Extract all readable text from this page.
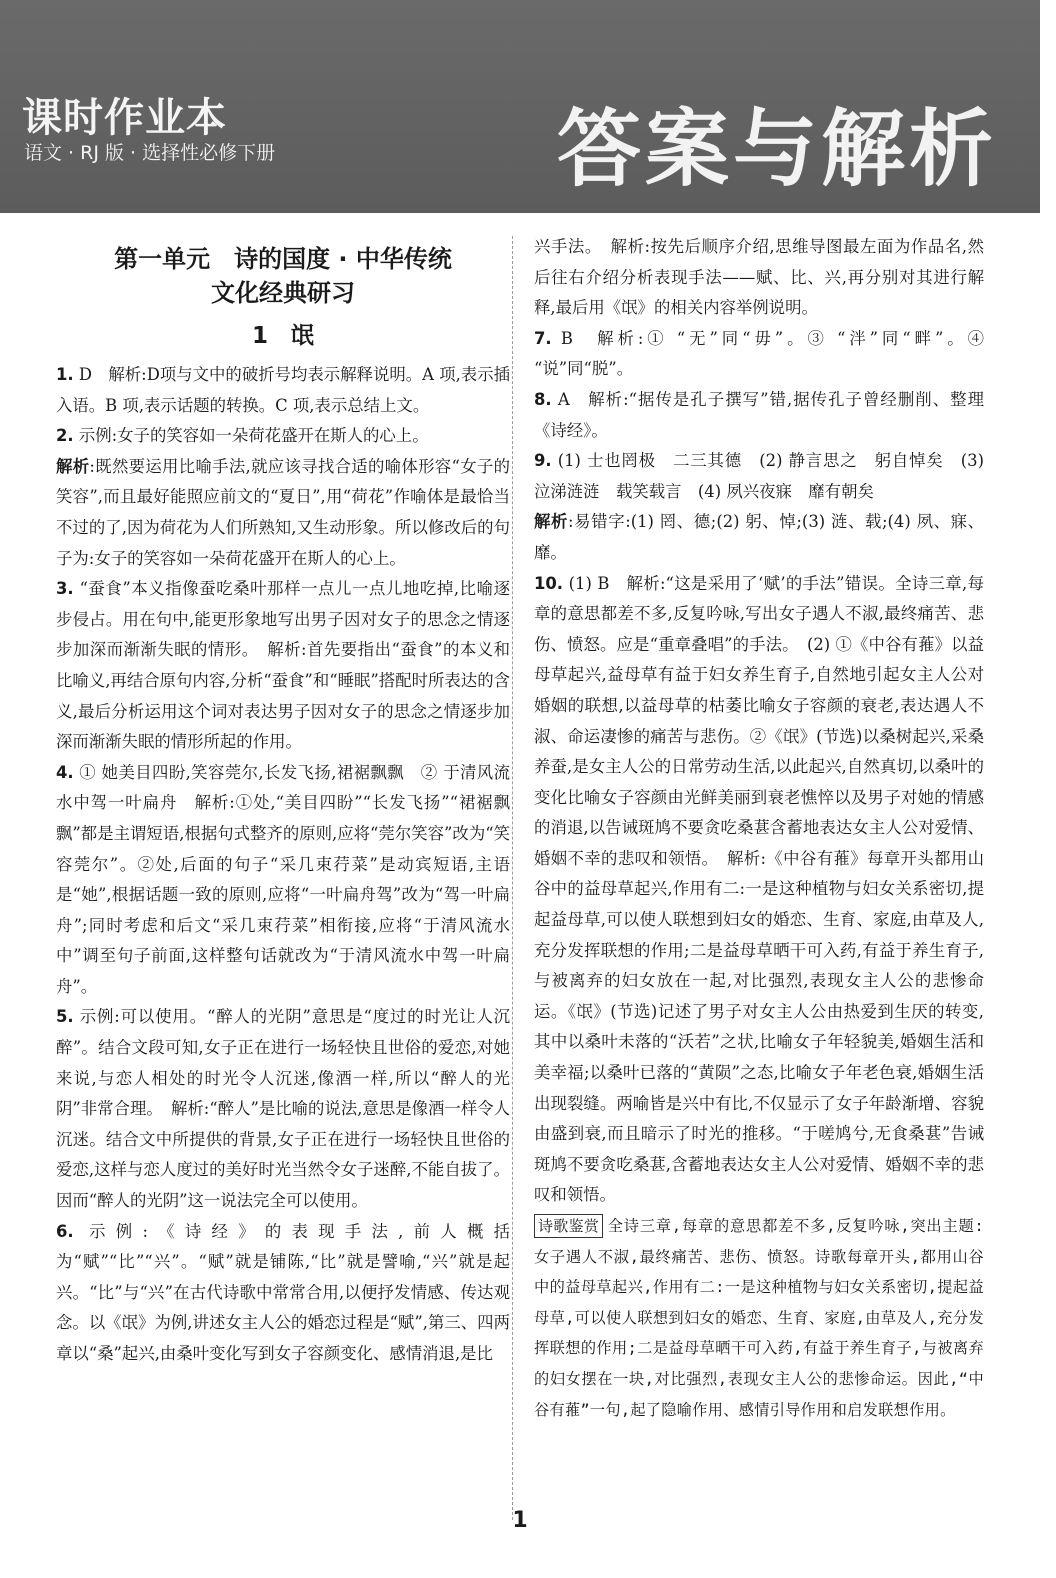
课时作业本
语文 · RJ 版 · 选择性必修下册	答案与解析
第一单元　诗的国度 · 中华传统
文化经典研习
1　氓

1. D　解析:D项与文中的破折号均表示解释说明。A 项,表示插入语。B 项,表示话题的转换。C 项,表示总结上文。

2. 示例:女子的笑容如一朵荷花盛开在斯人的心上。

解析:既然要运用比喻手法,就应该寻找合适的喻体形容“女子的笑容”,而且最好能照应前文的“夏日”,用“荷花”作喻体是最恰当不过的了,因为荷花为人们所熟知,又生动形象。所以修改后的句子为:女子的笑容如一朵荷花盛开在斯人的心上。

3. “蚕食”本义指像蚕吃桑叶那样一点儿一点儿地吃掉,比喻逐步侵占。用在句中,能更形象地写出男子因对女子的思念之情逐步加深而渐渐失眠的情形。　解析:首先要指出“蚕食”的本义和比喻义,再结合原句内容,分析“蚕食”和“睡眠”搭配时所表达的含义,最后分析运用这个词对表达男子因对女子的思念之情逐步加深而渐渐失眠的情形所起的作用。

4. ① 她美目四盼,笑容莞尔,长发飞扬,裙裾飘飘　② 于清风流水中驾一叶扁舟　解析:①处,“美目四盼”“长发飞扬”“裙裾飘飘”都是主谓短语,根据句式整齐的原则,应将“莞尔笑容”改为“笑容莞尔”。②处,后面的句子“采几束荇菜”是动宾短语,主语是“她”,根据话题一致的原则,应将“一叶扁舟驾”改为“驾一叶扁舟”;同时考虑和后文“采几束荇菜”相衔接,应将“于清风流水中”调至句子前面,这样整句话就改为“于清风流水中驾一叶扁舟”。

5. 示例:可以使用。“醉人的光阴”意思是“度过的时光让人沉醉”。结合文段可知,女子正在进行一场轻快且世俗的爱恋,对她来说,与恋人相处的时光令人沉迷,像酒一样,所以“醉人的光阴”非常合理。　解析:“醉人”是比喻的说法,意思是像酒一样令人沉迷。结合文中所提供的背景,女子正在进行一场轻快且世俗的爱恋,这样与恋人度过的美好时光当然令女子迷醉,不能自拔了。因而“醉人的光阴”这一说法完全可以使用。

6. 示例:《诗经》的表现手法,前人概括为“赋”“比”“兴”。“赋”就是铺陈,“比”就是譬喻,“兴”就是起兴。“比”与“兴”在古代诗歌中常常合用,以便抒发情感、传达观念。以《氓》为例,讲述女主人公的婚恋过程是“赋”,第三、四两章以“桑”起兴,由桑叶变化写到女子容颜变化、感情消退,是比

兴手法。　解析:按先后顺序介绍,思维导图最左面为作品名,然后往右介绍分析表现手法——赋、比、兴,再分别对其进行解释,最后用《氓》的相关内容举例说明。

7. B　解析:① “无”同“毋”。③ “泮”同“畔”。④ “说”同“脱”。

8. A　解析:“据传是孔子撰写”错,据传孔子曾经删削、整理《诗经》。

9. (1) 士也罔极　二三其德　(2) 静言思之　躬自悼矣　(3) 泣涕涟涟　载笑载言　(4) 夙兴夜寐　靡有朝矣

解析:易错字:(1) 罔、德;(2) 躬、悼;(3) 涟、载;(4) 夙、寐、靡。

10. (1) B　解析:“这是采用了‘赋’的手法”错误。全诗三章,每章的意思都差不多,反复吟咏,写出女子遇人不淑,最终痛苦、悲伤、愤怒。应是“重章叠唱”的手法。　(2) ①《中谷有蓷》以益母草起兴,益母草有益于妇女养生育子,自然地引起女主人公对婚姻的联想,以益母草的枯萎比喻女子容颜的衰老,表达遇人不淑、命运凄惨的痛苦与悲伤。②《氓》(节选)以桑树起兴,采桑养蚕,是女主人公的日常劳动生活,以此起兴,自然真切,以桑叶的变化比喻女子容颜由光鲜美丽到衰老憔悴以及男子对她的情感的消退,以告诫斑鸠不要贪吃桑葚含蓄地表达女主人公对爱情、婚姻不幸的悲叹和领悟。　解析:《中谷有蓷》每章开头都用山谷中的益母草起兴,作用有二:一是这种植物与妇女关系密切,提起益母草,可以使人联想到妇女的婚恋、生育、家庭,由草及人,充分发挥联想的作用;二是益母草晒干可入药,有益于养生育子,与被离弃的妇女放在一起,对比强烈,表现女主人公的悲惨命运。《氓》(节选)记述了男子对女主人公由热爱到生厌的转变,其中以桑叶未落的“沃若”之状,比喻女子年轻貌美,婚姻生活和美幸福;以桑叶已落的“黄陨”之态,比喻女子年老色衰,婚姻生活出现裂缝。两喻皆是兴中有比,不仅显示了女子年龄渐增、容貌由盛到衰,而且暗示了时光的推移。“于嗟鸠兮,无食桑葚”告诫斑鸠不要贪吃桑葚,含蓄地表达女主人公对爱情、婚姻不幸的悲叹和领悟。

诗歌鉴赏 全诗三章,每章的意思都差不多,反复吟咏,突出主题:女子遇人不淑,最终痛苦、悲伤、愤怒。诗歌每章开头,都用山谷中的益母草起兴,作用有二:一是这种植物与妇女关系密切,提起益母草,可以使人联想到妇女的婚恋、生育、家庭,由草及人,充分发挥联想的作用;二是益母草晒干可入药,有益于养生育子,与被离弃的妇女摆在一块,对比强烈,表现女主人公的悲惨命运。因此,“中谷有蓷”一句,起了隐喻作用、感情引导作用和启发联想作用。

1
